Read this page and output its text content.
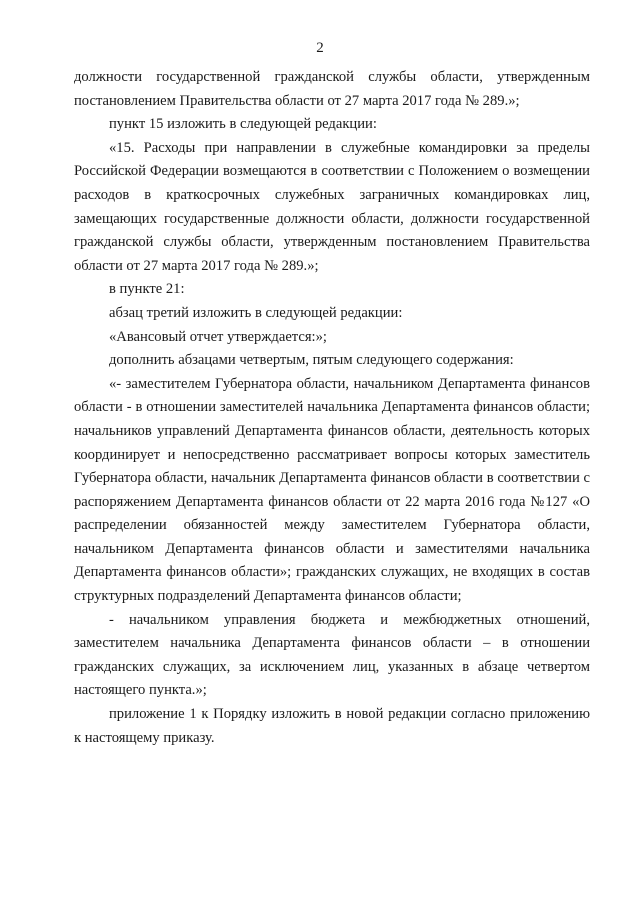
2

должности государственной гражданской службы области, утвержденным постановлением Правительства области от 27 марта 2017 года № 289.»;

пункт 15 изложить в следующей редакции:

«15. Расходы при направлении в служебные командировки за пределы Российской Федерации возмещаются в соответствии с Положением о возмещении расходов в краткосрочных служебных заграничных командировках лиц, замещающих государственные должности области, должности государственной гражданской службы области, утвержденным постановлением Правительства области от 27 марта 2017 года № 289.»;

в пункте 21:

абзац третий изложить в следующей редакции:

«Авансовый отчет утверждается:»;

дополнить абзацами четвертым, пятым следующего содержания:

«- заместителем Губернатора области, начальником Департамента финансов области - в отношении заместителей начальника Департамента финансов области; начальников управлений Департамента финансов области, деятельность которых координирует и непосредственно рассматривает вопросы которых заместитель Губернатора области, начальник Департамента финансов области в соответствии с распоряжением Департамента финансов области от 22 марта 2016 года №127 «О распределении обязанностей между заместителем Губернатора области, начальником Департамента финансов области и заместителями начальника Департамента финансов области»; гражданских служащих, не входящих в состав структурных подразделений Департамента финансов области;

- начальником управления бюджета и межбюджетных отношений, заместителем начальника Департамента финансов области – в отношении гражданских служащих, за исключением лиц, указанных в абзаце четвертом настоящего пункта.»;

приложение 1 к Порядку изложить в новой редакции согласно приложению к настоящему приказу.
